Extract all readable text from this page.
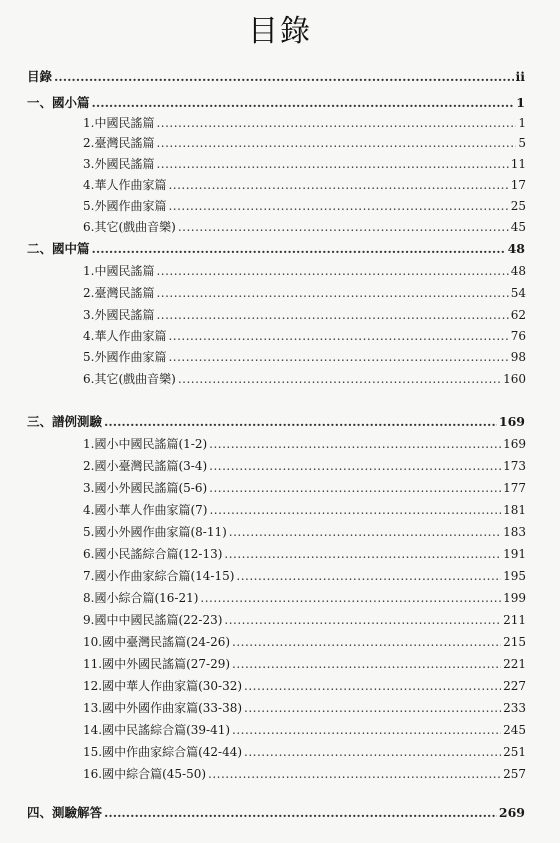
目錄
目錄 .....	ii
一、國小篇 .....	1
1.中國民謠篇 .....	1
2.臺灣民謠篇 .....	5
3.外國民謠篇 .....	11
4.華人作曲家篇 .....	17
5.外國作曲家篇 .....	25
6.其它(戲曲音樂) .....	45
二、國中篇 .....	48
1.中國民謠篇 .....	48
2.臺灣民謠篇 .....	54
3.外國民謠篇 .....	62
4.華人作曲家篇 .....	76
5.外國作曲家篇 .....	98
6.其它(戲曲音樂) .....	160
三、譜例測驗 .....	169
1.國小中國民謠篇(1-2) .....	169
2.國小臺灣民謠篇(3-4) .....	173
3.國小外國民謠篇(5-6) .....	177
4.國小華人作曲家篇(7) .....	181
5.國小外國作曲家篇(8-11) .....	183
6.國小民謠綜合篇(12-13) .....	191
7.國小作曲家綜合篇(14-15) .....	195
8.國小綜合篇(16-21) .....	199
9.國中中國民謠篇(22-23) .....	211
10.國中臺灣民謠篇(24-26) .....	215
11.國中外國民謠篇(27-29) .....	221
12.國中華人作曲家篇(30-32) .....	227
13.國中外國作曲家篇(33-38) .....	233
14.國中民謠綜合篇(39-41) .....	245
15.國中作曲家綜合篇(42-44) .....	251
16.國中綜合篇(45-50) .....	257
四、測驗解答 .....	269
